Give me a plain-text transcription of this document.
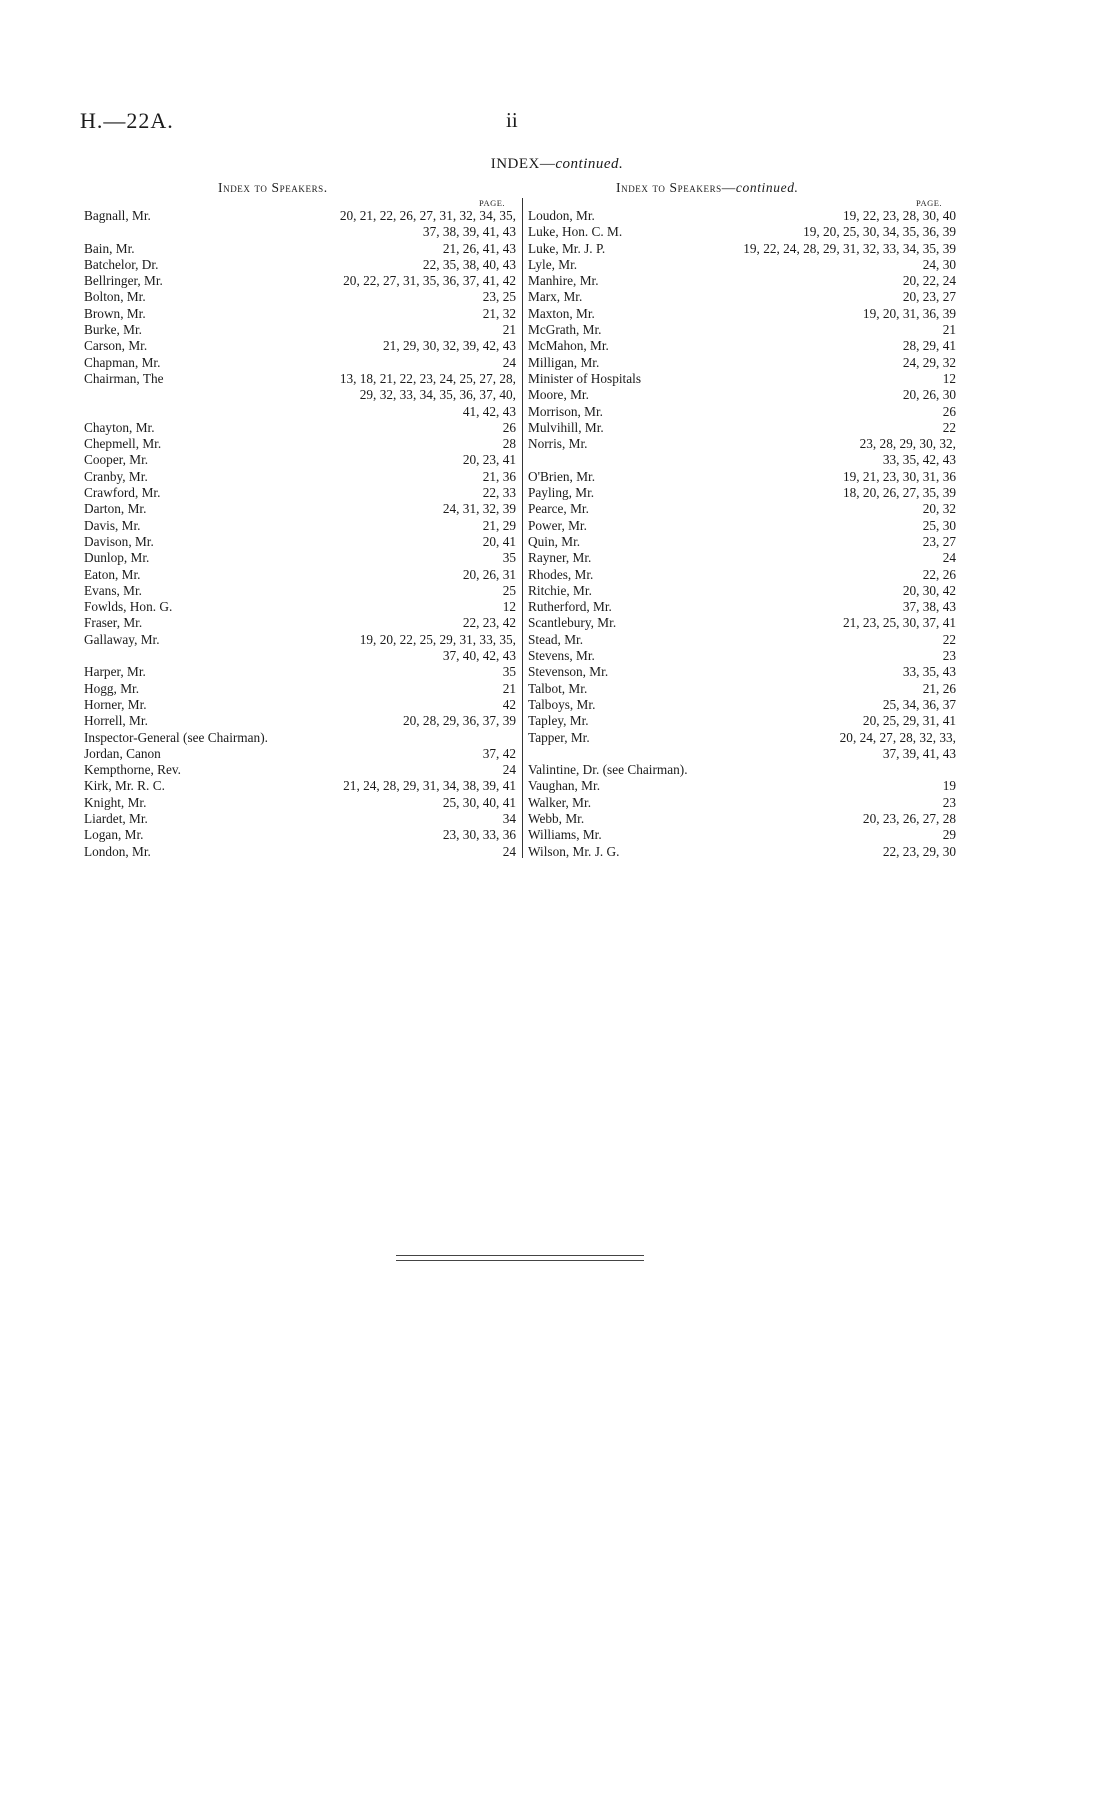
H.—22A.	ii
INDEX—continued.
Index to Speakers.
PAGE.
Index to Speakers—continued.
PAGE.
Bagnall, Mr.	20, 21, 22, 26, 27, 31, 32, 34, 35,
37, 38, 39, 41, 43
Bain, Mr.	21, 26, 41, 43
Batchelor, Dr.	22, 35, 38, 40, 43
Bellringer, Mr.	20, 22, 27, 31, 35, 36, 37, 41, 42
Bolton, Mr.	23, 25
Brown, Mr.	21, 32
Burke, Mr.	21
Carson, Mr.	21, 29, 30, 32, 39, 42, 43
Chapman, Mr.	24
Chairman, The	13, 18, 21, 22, 23, 24, 25, 27, 28,
29, 32, 33, 34, 35, 36, 37, 40,
41, 42, 43
Chayton, Mr.	26
Chepmell, Mr.	28
Cooper, Mr.	20, 23, 41
Cranby, Mr.	21, 36
Crawford, Mr.	22, 33
Darton, Mr.	24, 31, 32, 39
Davis, Mr.	21, 29
Davison, Mr.	20, 41
Dunlop, Mr.	35
Eaton, Mr.	20, 26, 31
Evans, Mr.	25
Fowlds, Hon. G.	12
Fraser, Mr.	22, 23, 42
Gallaway, Mr.	19, 20, 22, 25, 29, 31, 33, 35,
37, 40, 42, 43
Harper, Mr.	35
Hogg, Mr.	21
Horner, Mr.	42
Horrell, Mr.	20, 28, 29, 36, 37, 39
Inspector-General (see Chairman).
Jordan, Canon	37, 42
Kempthorne, Rev.	24
Kirk, Mr. R. C.	21, 24, 28, 29, 31, 34, 38, 39, 41
Knight, Mr.	25, 30, 40, 41
Liardet, Mr.	34
Logan, Mr.	23, 30, 33, 36
London, Mr.	24
Loudon, Mr.	19, 22, 23, 28, 30, 40
Luke, Hon. C. M.	19, 20, 25, 30, 34, 35, 36, 39
Luke, Mr. J. P.	19, 22, 24, 28, 29, 31, 32, 33, 34, 35, 39
Lyle, Mr.	24, 30
Manhire, Mr.	20, 22, 24
Marx, Mr.	20, 23, 27
Maxton, Mr.	19, 20, 31, 36, 39
McGrath, Mr.	21
McMahon, Mr.	28, 29, 41
Milligan, Mr.	24, 29, 32
Minister of Hospitals	12
Moore, Mr.	20, 26, 30
Morrison, Mr.	26
Mulvihill, Mr.	22
Norris, Mr.	23, 28, 29, 30, 32,
33, 35, 42, 43
O'Brien, Mr.	19, 21, 23, 30, 31, 36
Payling, Mr.	18, 20, 26, 27, 35, 39
Pearce, Mr.	20, 32
Power, Mr.	25, 30
Quin, Mr.	23, 27
Rayner, Mr.	24
Rhodes, Mr.	22, 26
Ritchie, Mr.	20, 30, 42
Rutherford, Mr.	37, 38, 43
Scantlebury, Mr.	21, 23, 25, 30, 37, 41
Stead, Mr.	22
Stevens, Mr.	23
Stevenson, Mr.	33, 35, 43
Talbot, Mr.	21, 26
Talboys, Mr.	25, 34, 36, 37
Tapley, Mr.	20, 25, 29, 31, 41
Tapper, Mr.	20, 24, 27, 28, 32, 33,
37, 39, 41, 43
Valintine, Dr. (see Chairman).
Vaughan, Mr.	19
Walker, Mr.	23
Webb, Mr.	20, 23, 26, 27, 28
Williams, Mr.	29
Wilson, Mr. J. G.	22, 23, 29, 30
